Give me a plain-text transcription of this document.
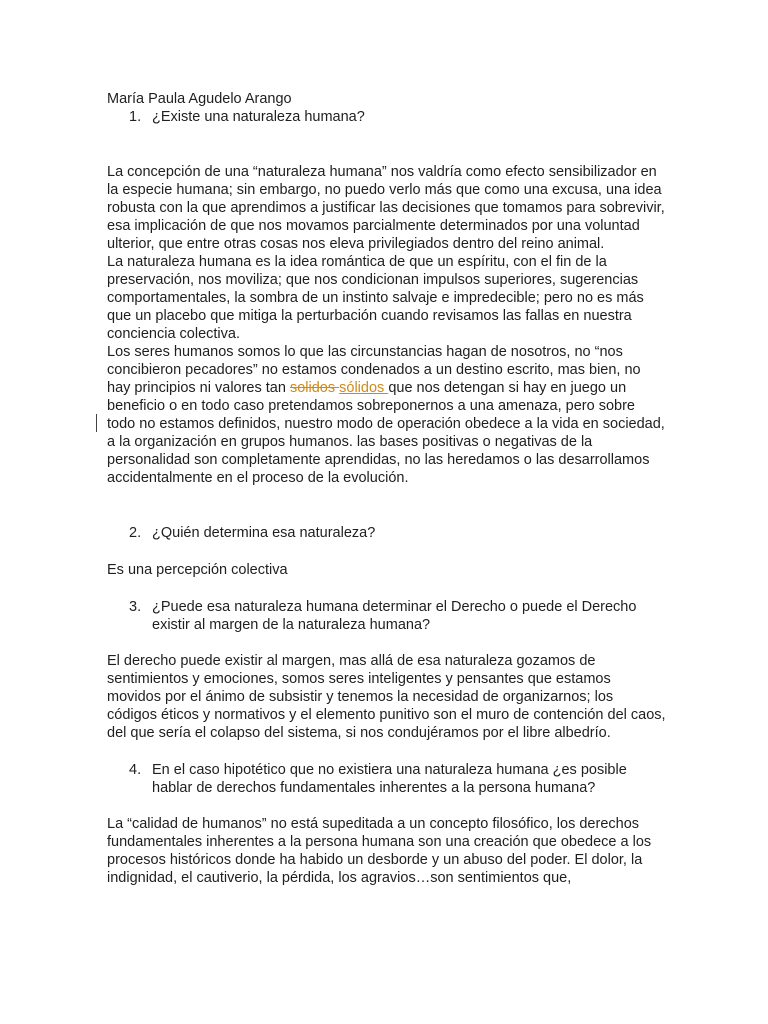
María Paula Agudelo Arango

1. ¿Existe una naturaleza humana?

La concepción de una “naturaleza humana” nos valdría como efecto sensibilizador en la especie humana; sin embargo, no puedo verlo más que como una excusa, una idea robusta con la que aprendimos a justificar las decisiones que tomamos para sobrevivir, esa implicación de que nos movamos parcialmente determinados por una voluntad ulterior, que entre otras cosas nos eleva privilegiados dentro del reino animal.

La naturaleza humana es la idea romántica de que un espíritu, con el fin de la preservación, nos moviliza; que nos condicionan impulsos superiores, sugerencias comportamentales, la sombra de un instinto salvaje e impredecible; pero no es más que un placebo que mitiga la perturbación cuando revisamos las fallas en nuestra conciencia colectiva.

Los seres humanos somos lo que las circunstancias hagan de nosotros, no “nos concibieron pecadores” no estamos condenados a un destino escrito, mas bien, no hay principios ni valores tan solidos sólidos que nos detengan si hay en juego un beneficio o en todo caso pretendamos sobreponernos a una amenaza, pero sobre todo no estamos definidos, nuestro modo de operación obedece a la vida en sociedad, a la organización en grupos humanos. las bases positivas o negativas de la personalidad son completamente aprendidas, no las heredamos o las desarrollamos accidentalmente en el proceso de la evolución.

2. ¿Quién determina esa naturaleza?

Es una percepción colectiva

3. ¿Puede esa naturaleza humana determinar el Derecho o puede el Derecho existir al margen de la naturaleza humana?

El derecho puede existir al margen, mas allá de esa naturaleza gozamos de sentimientos y emociones, somos seres inteligentes y pensantes que estamos movidos por el ánimo de subsistir y tenemos la necesidad de organizarnos; los códigos éticos y normativos y el elemento punitivo son el muro de contención del caos, del que sería el colapso del sistema, si nos condujéramos por el libre albedrío.

4. En el caso hipotético que no existiera una naturaleza humana ¿es posible hablar de derechos fundamentales inherentes a la persona humana?

La “calidad de humanos” no está supeditada a un concepto filosófico, los derechos fundamentales inherentes a la persona humana son una creación que obedece a los procesos históricos donde ha habido un desborde y un abuso del poder. El dolor, la indignidad, el cautiverio, la pérdida, los agravios…son sentimientos que,
